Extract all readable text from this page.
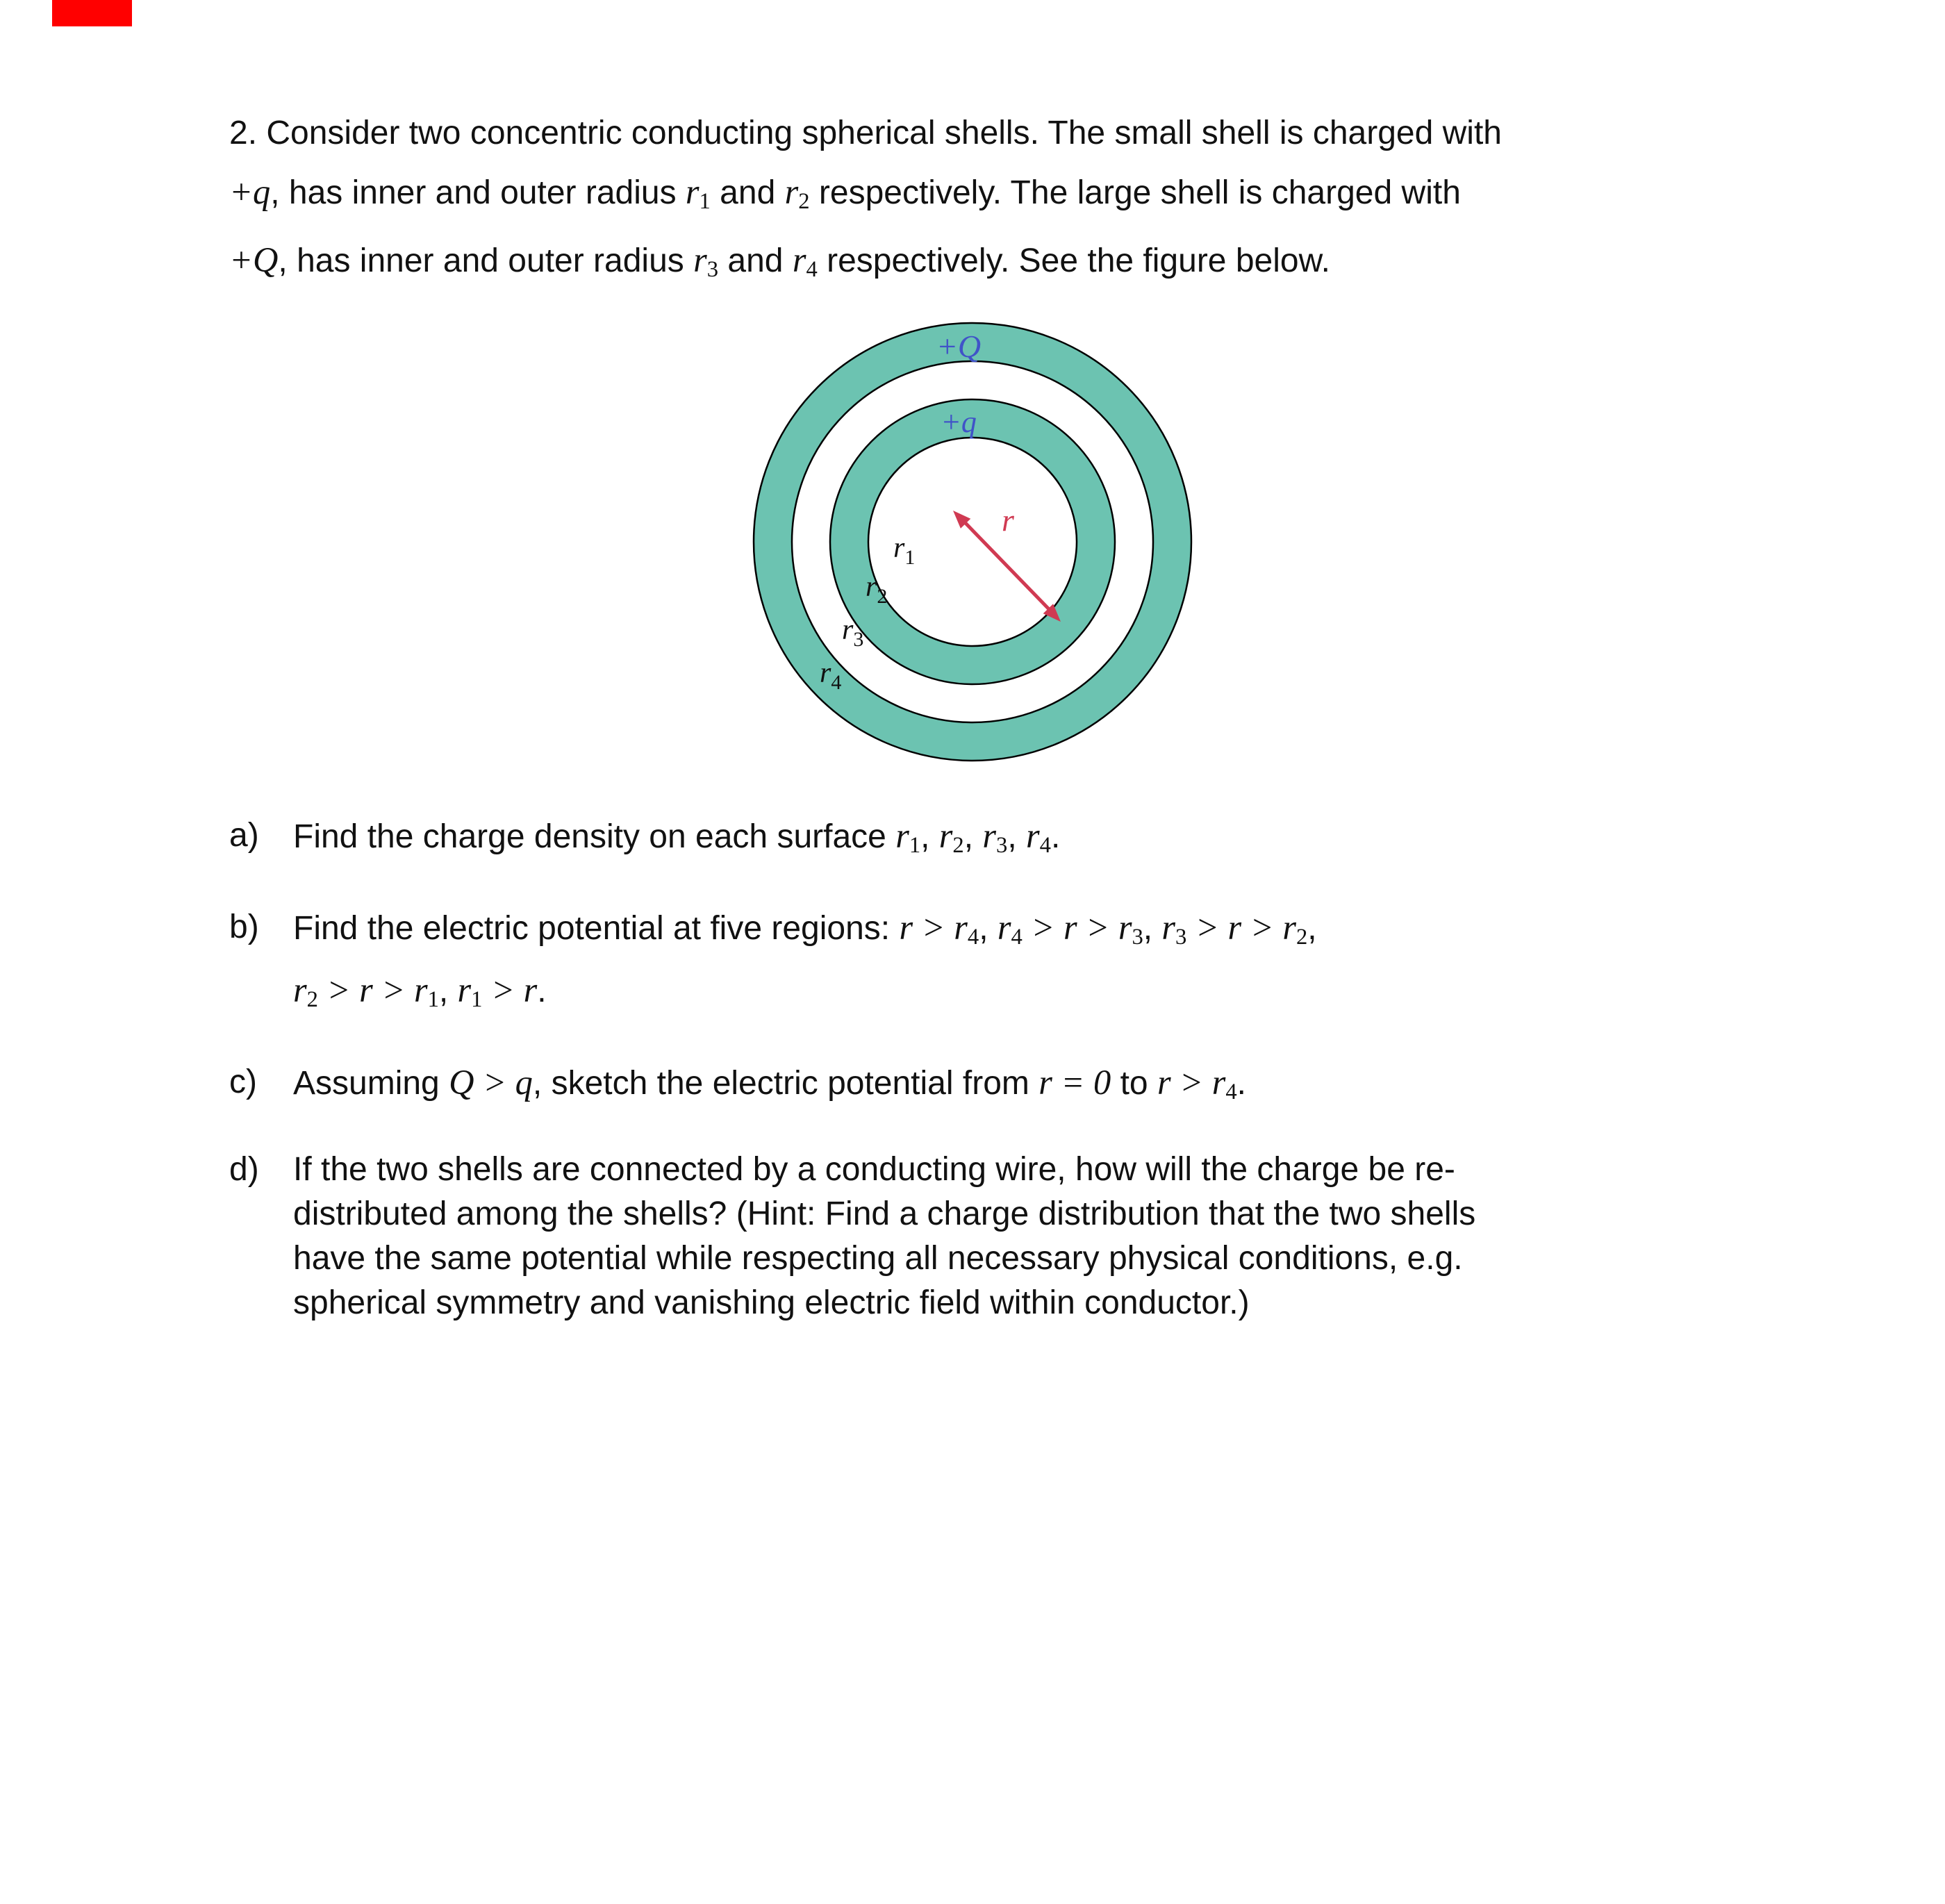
2. Consider two concentric conducting spherical shells. The small shell is charged with
+q, has inner and outer radius r1 and r2 respectively. The large shell is charged with
+Q, has inner and outer radius r3 and r4 respectively. See the figure below.
+Q
+q
$r_1$
$r_2$
$r_3$
$r_4$
r
a)	Find the charge density on each surface r1, r2, r3, r4.
b)	Find the electric potential at five regions: r > r4, r4 > r > r3, r3 > r > r2,
r2 > r > r1, r1 > r.
c)	Assuming Q > q, sketch the electric potential from r = 0 to r > r4.
d)	If the two shells are connected by a conducting wire, how will the charge be re-
distributed among the shells? (Hint: Find a charge distribution that the two shells
have the same potential while respecting all necessary physical conditions, e.g.
spherical symmetry and vanishing electric field within conductor.)
